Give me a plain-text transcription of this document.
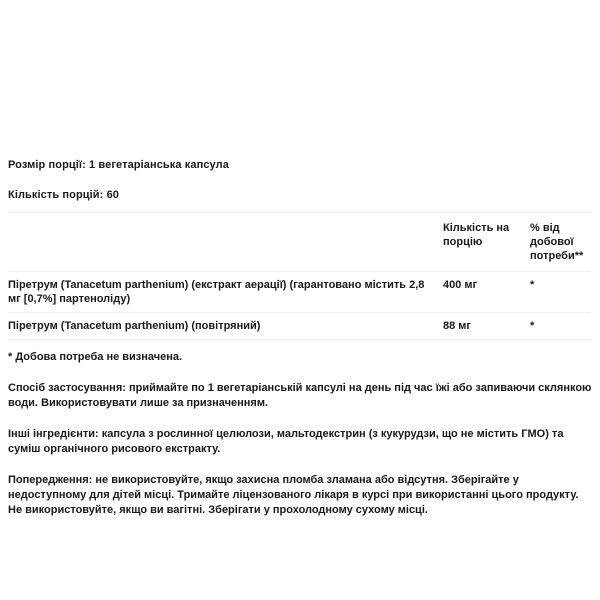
Розмір порції: 1 вегетаріанська капсула

Кількість порцій: 60

	Кількість на порцію	% від добової потреби**
Піретрум (Tanacetum parthenium) (екстракт аерації) (гарантовано містить 2,8 мг [0,7%] партеноліду)	400 мг	*
Піретрум (Tanacetum parthenium) (повітряний)	88 мг	*

* Добова потреба не визначена.

Спосіб застосування: приймайте по 1 вегетаріанській капсулі на день під час їжі або запиваючи склянкою води. Використовувати лише за призначенням.

Інші інгредієнти: капсула з рослинної целюлози, мальтодекстрин (з кукурудзи, що не містить ГМО) та суміш органічного рисового екстракту.

Попередження: не використовуйте, якщо захисна пломба зламана або відсутня. Зберігайте у недоступному для дітей місці. Тримайте ліцензованого лікаря в курсі при використанні цього продукту. Не використовуйте, якщо ви вагітні. Зберігати у прохолодному сухому місці.
